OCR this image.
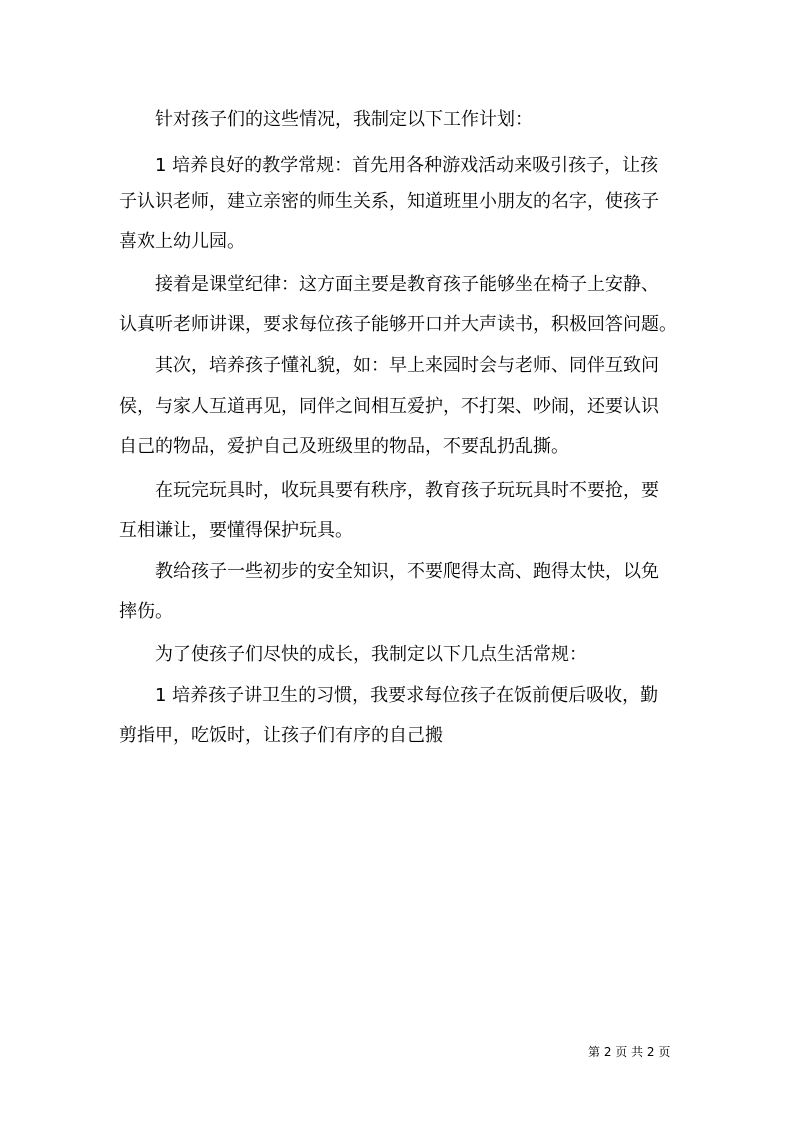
针对孩子们的这些情况，我制定以下工作计划：
1 培养良好的教学常规：首先用各种游戏活动来吸引孩子，让孩
子认识老师，建立亲密的师生关系，知道班里小朋友的名字，使孩子
喜欢上幼儿园。
接着是课堂纪律：这方面主要是教育孩子能够坐在椅子上安静、
认真听老师讲课，要求每位孩子能够开口并大声读书，积极回答问题。
其次，培养孩子懂礼貌，如：早上来园时会与老师、同伴互致问
侯，与家人互道再见，同伴之间相互爱护，不打架、吵闹，还要认识
自己的物品，爱护自己及班级里的物品，不要乱扔乱撕。
在玩完玩具时，收玩具要有秩序，教育孩子玩玩具时不要抢，要
互相谦让，要懂得保护玩具。
教给孩子一些初步的安全知识，不要爬得太高、跑得太快，以免
摔伤。
为了使孩子们尽快的成长，我制定以下几点生活常规：
1 培养孩子讲卫生的习惯，我要求每位孩子在饭前便后吸收，勤
剪指甲，吃饭时，让孩子们有序的自己搬
第 2 页 共 2 页
